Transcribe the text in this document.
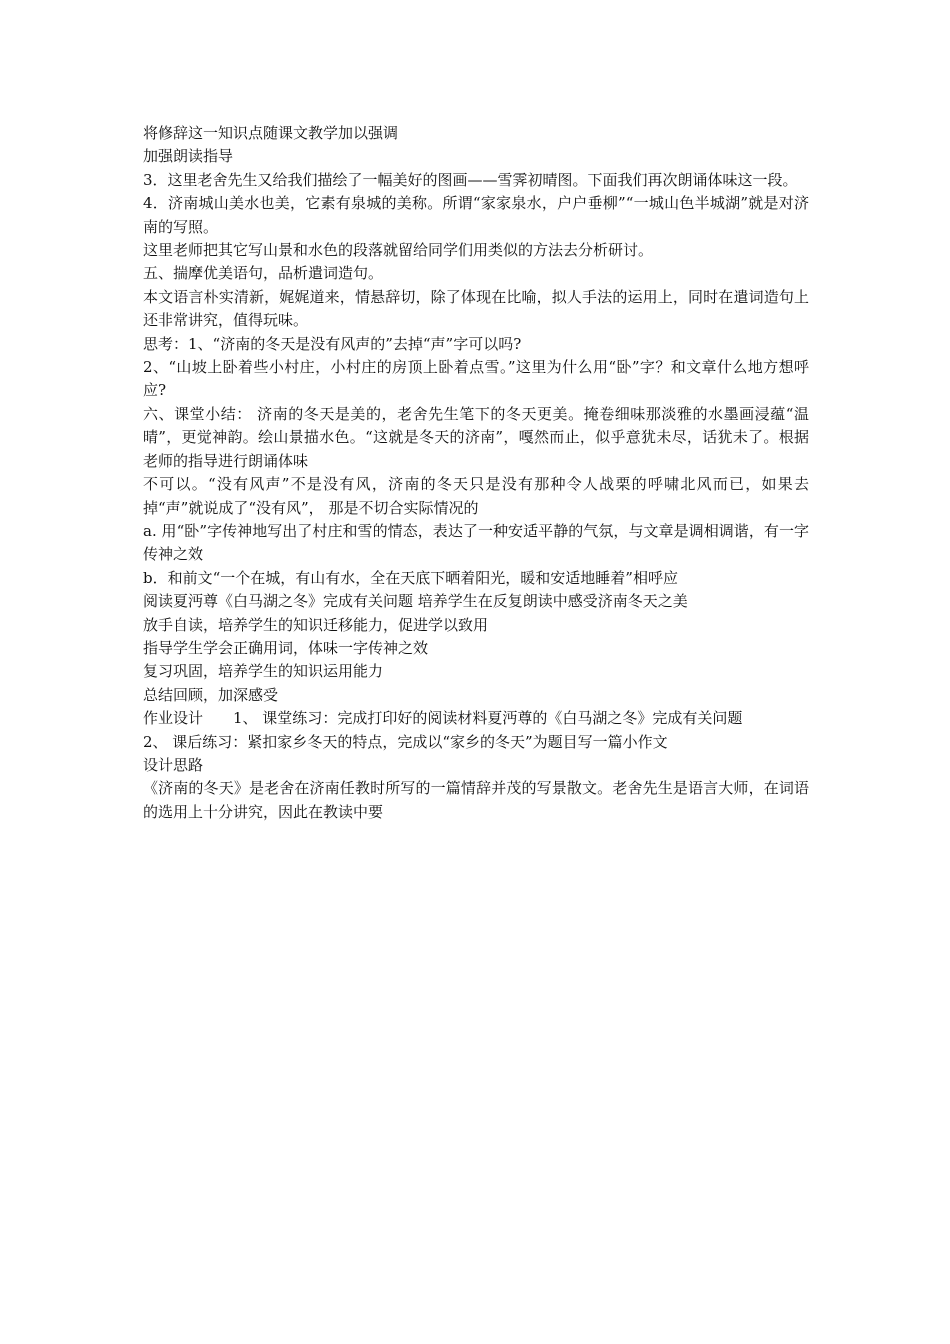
将修辞这一知识点随课文教学加以强调

加强朗读指导

3．这里老舍先生又给我们描绘了一幅美好的图画——雪霁初晴图。下面我们再次朗诵体味这一段。

4．济南城山美水也美，它素有泉城的美称。所谓“家家泉水，户户垂柳”“一城山色半城湖”就是对济南的写照。

这里老师把其它写山景和水色的段落就留给同学们用类似的方法去分析研讨。

五、揣摩优美语句，品析遣词造句。

本文语言朴实清新，娓娓道来，情悬辞切，除了体现在比喻，拟人手法的运用上，同时在遣词造句上还非常讲究，值得玩味。

思考：1、“济南的冬天是没有风声的”去掉“声”字可以吗?

2、“山坡上卧着些小村庄，小村庄的房顶上卧着点雪。”这里为什么用“卧”字？和文章什么地方想呼应?

六、课堂小结： 济南的冬天是美的，老舍先生笔下的冬天更美。掩卷细味那淡雅的水墨画浸蕴“温晴”，更觉神韵。绘山景描水色。“这就是冬天的济南”，嘎然而止，似乎意犹未尽，话犹未了。根据老师的指导进行朗诵体味

不可以。“没有风声”不是没有风，济南的冬天只是没有那种令人战栗的呼啸北风而已，如果去掉“声”就说成了“没有风”， 那是不切合实际情况的

a. 用“卧”字传神地写出了村庄和雪的情态，表达了一种安适平静的气氛，与文章是调相调谐，有一字传神之效

b．和前文“一个在城，有山有水，全在天底下晒着阳光，暖和安适地睡着”相呼应

阅读夏沔尊《白马湖之冬》完成有关问题 培养学生在反复朗读中感受济南冬天之美

放手自读，培养学生的知识迁移能力，促进学以致用

指导学生学会正确用词，体味一字传神之效

复习巩固，培养学生的知识运用能力

总结回顾，加深感受

作业设计　　1、 课堂练习：完成打印好的阅读材料夏沔尊的《白马湖之冬》完成有关问题

2、 课后练习：紧扣家乡冬天的特点，完成以“家乡的冬天”为题目写一篇小作文

设计思路

《济南的冬天》是老舍在济南任教时所写的一篇情辞并茂的写景散文。老舍先生是语言大师，在词语的选用上十分讲究，因此在教读中要
